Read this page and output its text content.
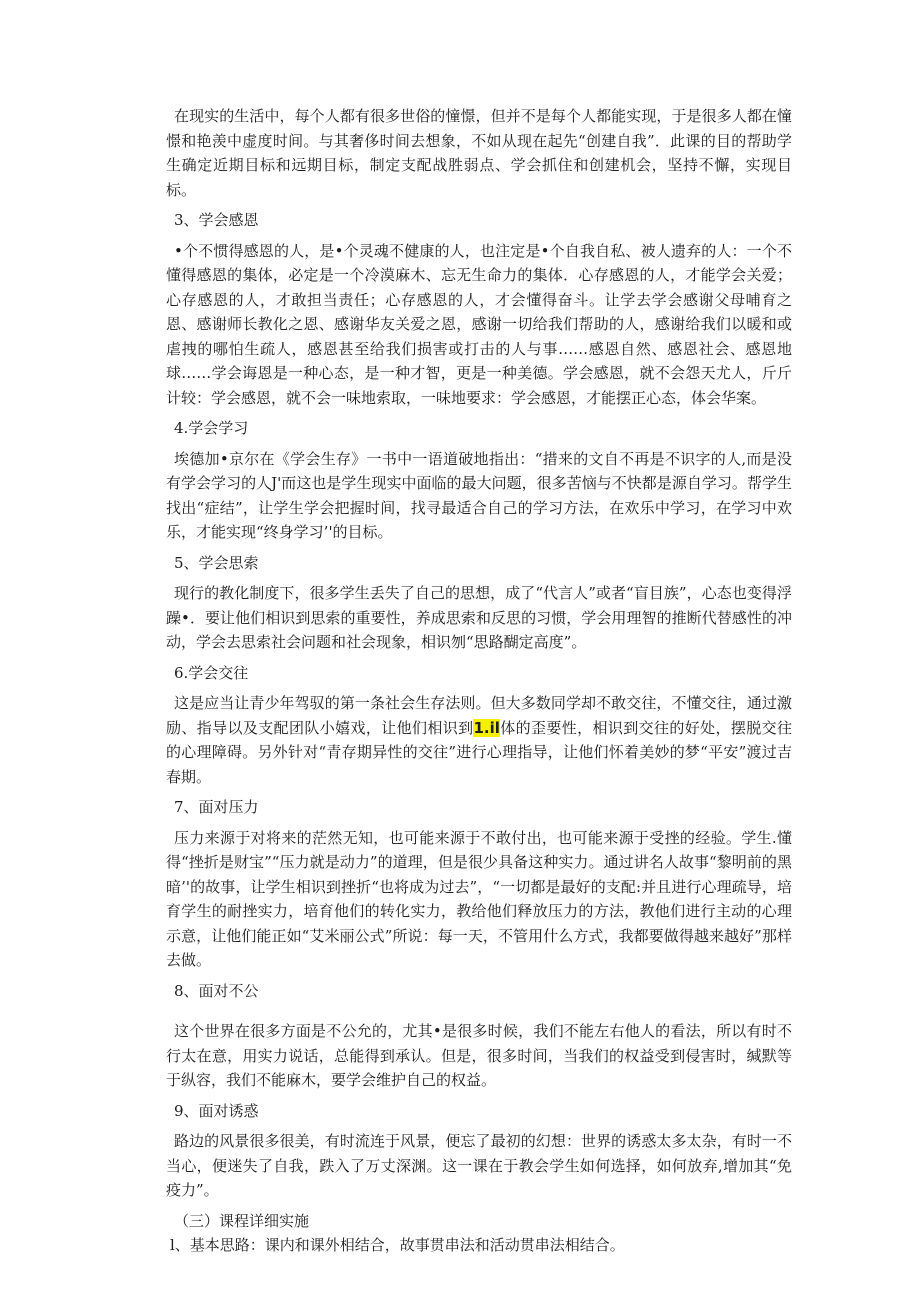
在现实的生活中，每个人都有很多世俗的憧憬，但并不是每个人都能实现，于是很多人都在憧憬和艳羡中虚度时间。与其奢侈时间去想象，不如从现在起先“创建自我”．此课的目的帮助学生确定近期目标和远期目标，制定支配战胜弱点、学会抓住和创建机会，坚持不懈，实现目标。

3、学会感恩

•个不惯得感恩的人，是•个灵魂不健康的人，也注定是•个自我自私、被人遗弃的人：一个不懂得感恩的集体，必定是一个冷漠麻木、忘无生命力的集体．心存感恩的人，才能学会关爱；心存感恩的人，才敢担当责任；心存感恩的人，才会懂得奋斗。让学去学会感谢父母哺育之恩、感谢师长教化之恩、感谢华友关爱之恩，感谢一切给我们帮助的人，感谢给我们以暖和或虐拽的哪怕生疏人，感恩甚至给我们损害或打击的人与事……感恩自然、感恩社会、感恩地球……学会诲恩是一种心态，是一种才智，更是一种美德。学会感恩，就不会怨天尤人，斤斤计较：学会感恩，就不会一味地索取，一味地要求：学会感恩，才能摆正心态，体会华案。

4.学会学习

埃德加•京尔在《学会生存》一书中一语道破地指出：“措来的文自不再是不识字的人,而是没有学会学习的人J'而这也是学生现实中面临的最大问题，很多苦恼与不快都是源自学习。帮学生找出“症结”，让学生学会把握时间，找寻最适合自己的学习方法，在欢乐中学习，在学习中欢乐，才能实现“终身学习’'的目标。

5、学会思索

现行的教化制度下，很多学生丢失了自己的思想，成了“代言人”或者“盲目族”，心态也变得浮躁•．要让他们相识到思索的重要性，养成思索和反思的习惯，学会用理智的推断代替感性的冲动，学会去思索社会问题和社会现象，相识刎“思路醐定高度”。

6.学会交往

这是应当让青少年驾驭的第一条社会生存法则。但大多数同学却不敢交往，不懂交往，通过激励、指导以及支配团队小嬉戏，让他们相识到1.il体的歪要性，相识到交往的好处，摆脱交往的心理障碍。另外针对“青存期异性的交往”进行心理指导，让他们怀着美妙的梦“平安”渡过吉春期。

7、面对压力

压力来源于对将来的茫然无知，也可能来源于不敢付出，也可能来源于受挫的经验。学生.懂得“挫折是财宝”“压力就是动力”的道理，但是很少具备这种实力。通过讲名人故事“黎明前的黑暗’'的故事，让学生相识到挫折“也将成为过去”，“一切都是最好的支配:并且进行心理疏导，培育学生的耐挫实力，培育他们的转化实力，教给他们释放压力的方法，教他们进行主动的心理示意，让他们能正如“艾米丽公式”所说：每一天，不管用什么方式，我都要做得越来越好”那样去做。

8、面对不公

这个世界在很多方面是不公允的，尤其•是很多时候，我们不能左右他人的看法，所以有时不行太在意，用实力说话，总能得到承认。但是，很多时间，当我们的权益受到侵害时，缄默等于纵容，我们不能麻木，要学会维护自己的权益。

9、面对诱惑

路边的风景很多很美，有时流连于风景，便忘了最初的幻想：世界的诱惑太多太杂，有时一不当心，便迷失了自我，跌入了万丈深渊。这一课在于教会学生如何选择，如何放弃,增加其“免疫力”。

（三）课程详细实施

l、基本思路：课内和课外相结合，故事贯串法和活动贯串法相结合。
